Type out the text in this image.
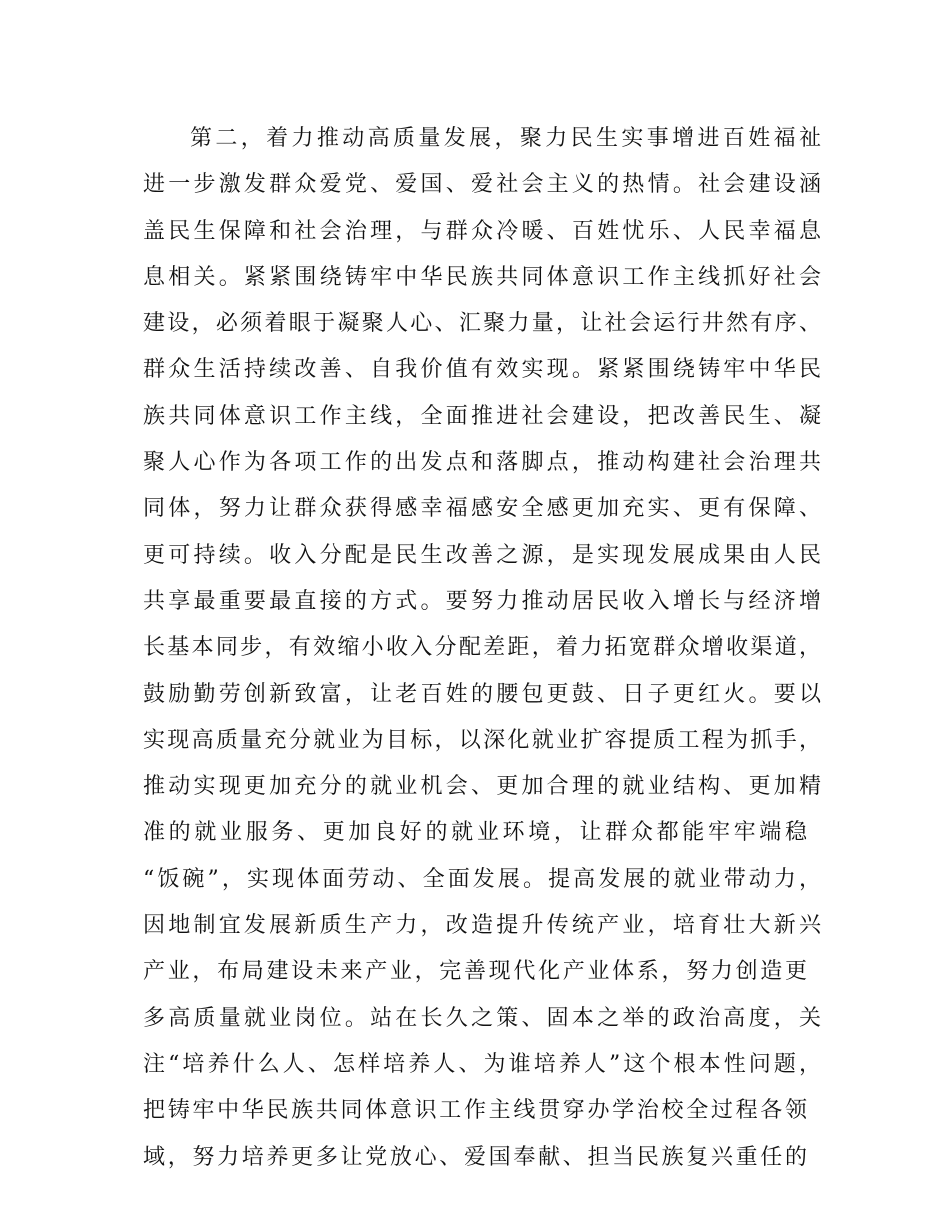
第二，着力推动高质量发展，聚力民生实事增进百姓福祉
进一步激发群众爱党、爱国、爱社会主义的热情。社会建设涵
盖民生保障和社会治理，与群众冷暖、百姓忧乐、人民幸福息
息相关。紧紧围绕铸牢中华民族共同体意识工作主线抓好社会
建设，必须着眼于凝聚人心、汇聚力量，让社会运行井然有序、
群众生活持续改善、自我价值有效实现。紧紧围绕铸牢中华民
族共同体意识工作主线，全面推进社会建设，把改善民生、凝
聚人心作为各项工作的出发点和落脚点，推动构建社会治理共
同体，努力让群众获得感幸福感安全感更加充实、更有保障、
更可持续。收入分配是民生改善之源，是实现发展成果由人民
共享最重要最直接的方式。要努力推动居民收入增长与经济增
长基本同步，有效缩小收入分配差距，着力拓宽群众增收渠道，
鼓励勤劳创新致富，让老百姓的腰包更鼓、日子更红火。要以
实现高质量充分就业为目标，以深化就业扩容提质工程为抓手，
推动实现更加充分的就业机会、更加合理的就业结构、更加精
准的就业服务、更加良好的就业环境，让群众都能牢牢端稳
“饭碗”，实现体面劳动、全面发展。提高发展的就业带动力，
因地制宜发展新质生产力，改造提升传统产业，培育壮大新兴
产业，布局建设未来产业，完善现代化产业体系，努力创造更
多高质量就业岗位。站在长久之策、固本之举的政治高度，关
注“培养什么人、怎样培养人、为谁培养人”这个根本性问题，
把铸牢中华民族共同体意识工作主线贯穿办学治校全过程各领
域，努力培养更多让党放心、爱国奉献、担当民族复兴重任的
